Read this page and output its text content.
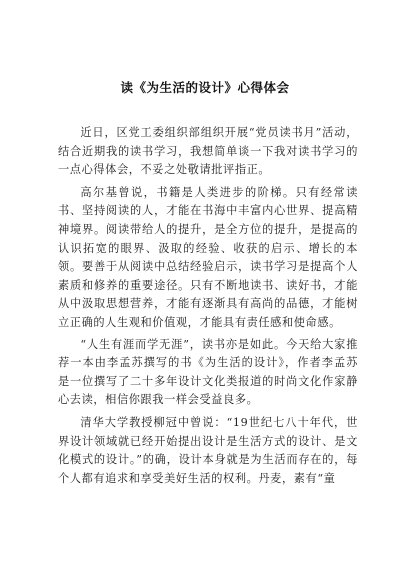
读《为生活的设计》心得体会

近日，区党工委组织部组织开展“党员读书月”活动，结合近期我的读书学习，我想简单谈一下我对读书学习的一点心得体会，不妥之处敬请批评指正。

高尔基曾说，书籍是人类进步的阶梯。只有经常读书、坚持阅读的人，才能在书海中丰富内心世界、提高精神境界。阅读带给人的提升，是全方位的提升，是提高的认识拓宽的眼界、汲取的经验、收获的启示、增长的本领。要善于从阅读中总结经验启示，读书学习是提高个人素质和修养的重要途径。只有不断地读书、读好书，才能从中汲取思想营养，才能有逐渐具有高尚的品德，才能树立正确的人生观和价值观，才能具有责任感和使命感。

“人生有涯而学无涯”，读书亦是如此。今天给大家推荐一本由李孟苏撰写的书《为生活的设计》，作者李孟苏是一位撰写了二十多年设计文化类报道的时尚文化作家静心去读，相信你跟我一样会受益良多。

清华大学教授柳冠中曾说：“19世纪七八十年代，世界设计领域就已经开始提出设计是生活方式的设计、是文化模式的设计。”的确，设计本身就是为生活而存在的，每个人都有追求和享受美好生活的权利。丹麦，素有“童
